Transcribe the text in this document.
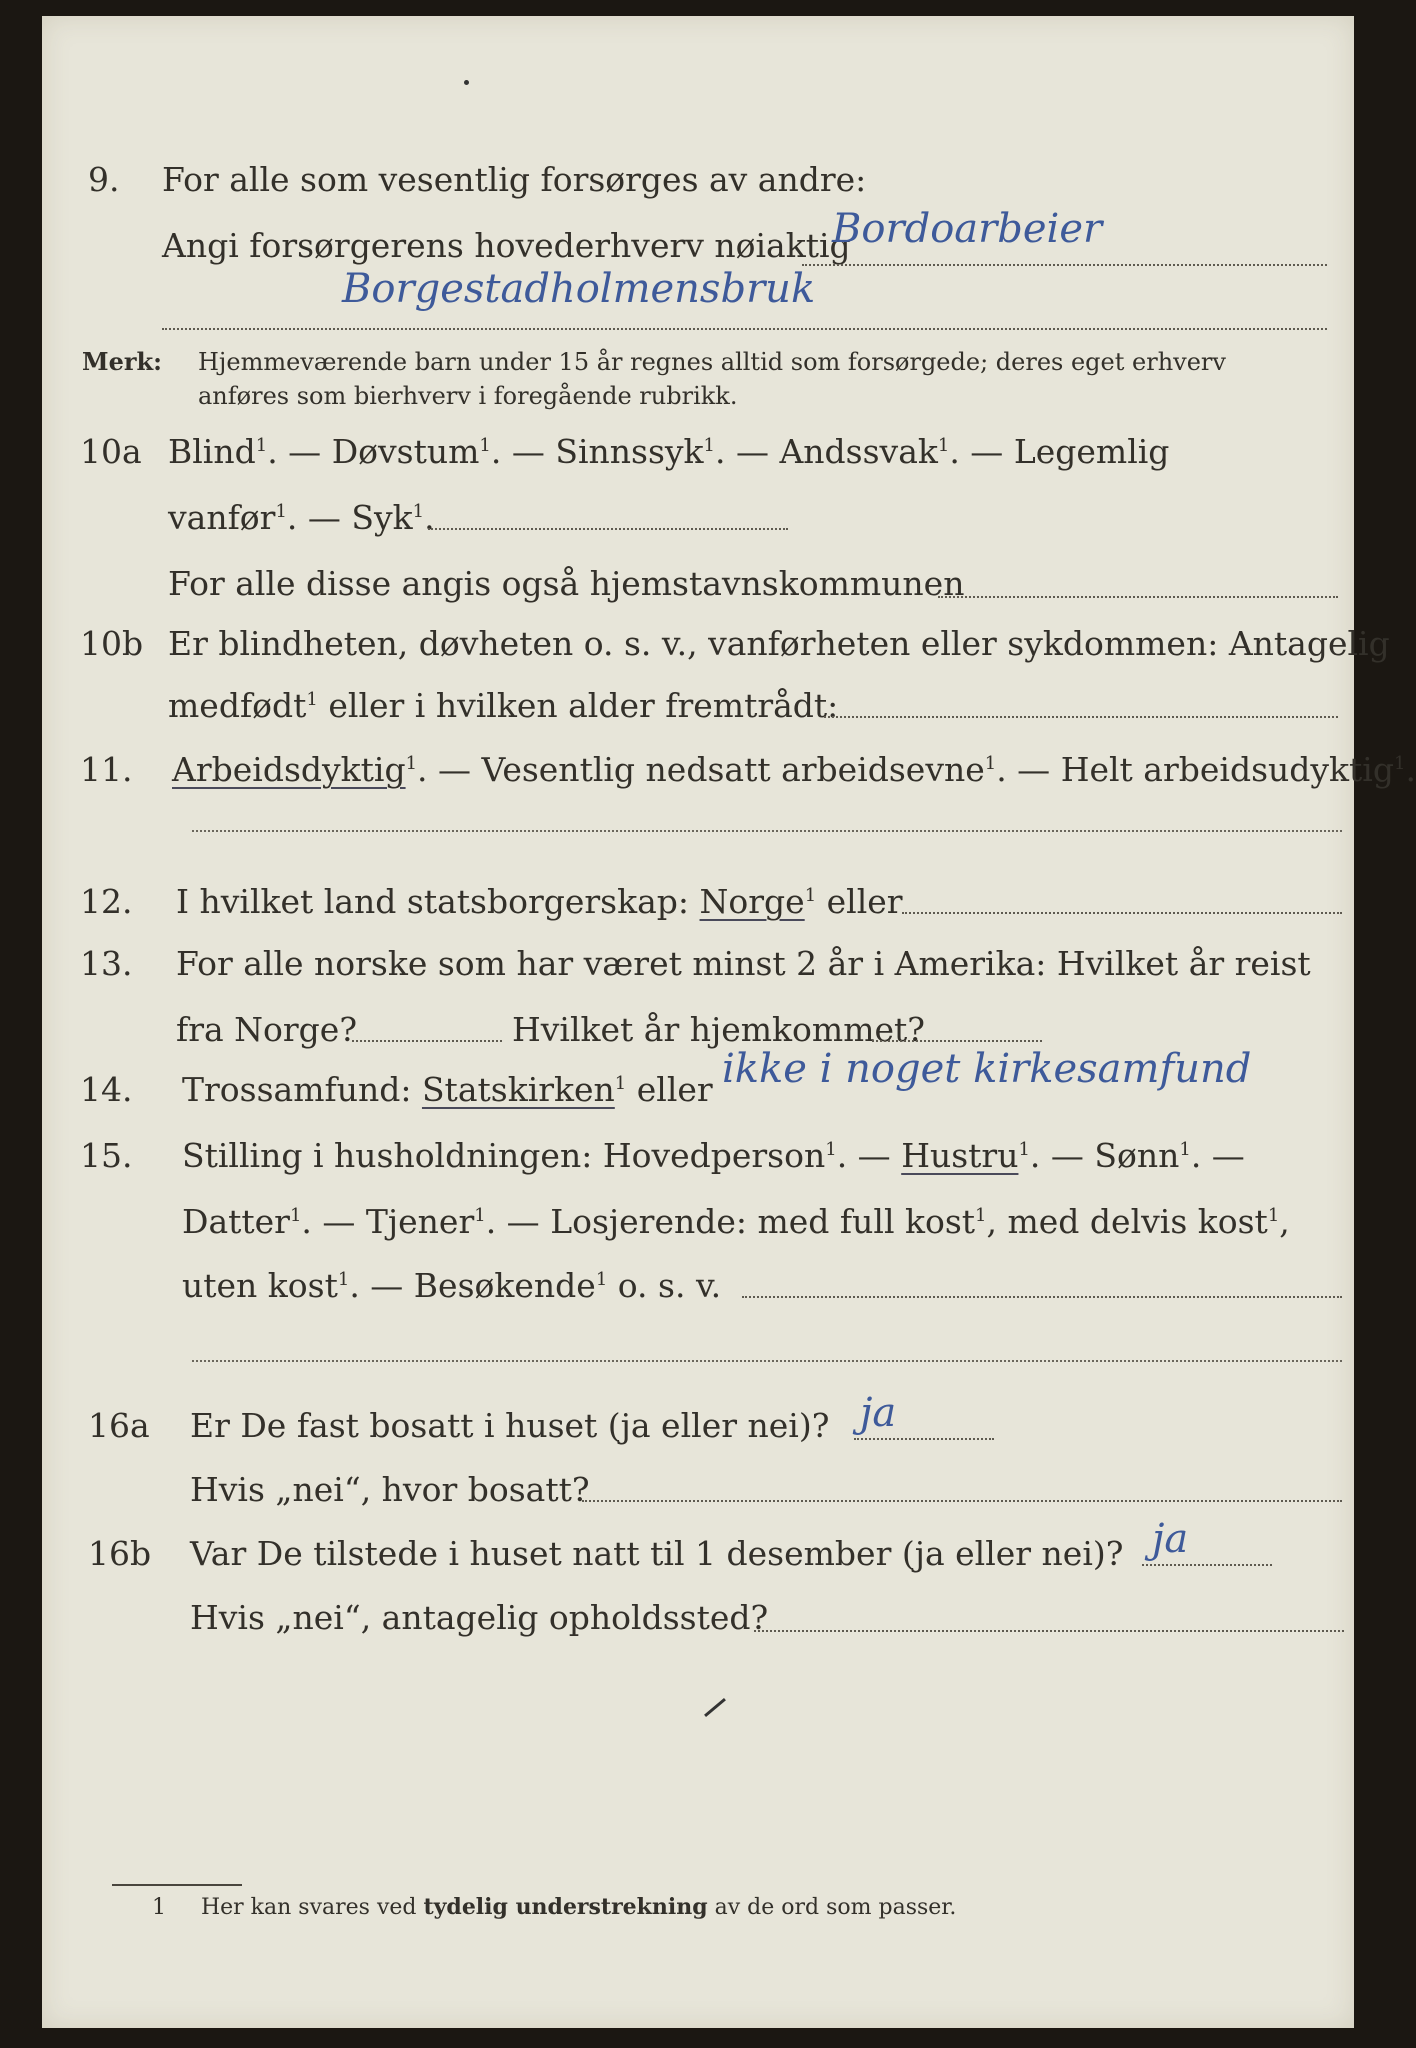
9. For alle som vesentlig forsørges av andre:
Angi forsørgerens hovederhverv nøiaktig
Bordoarbeier
Borgestadholmensbruk
Merk: Hjemmeværende barn under 15 år regnes alltid som forsørgede; deres eget erhverv
anføres som bierhverv i foregående rubrikk.
10a Blind$^1$. — Døvstum$^1$. — Sinnssyk$^1$. — Andssvak$^1$. — Legemlig
vanfør$^1$. — Syk$^1$.
For alle disse angis også hjemstavnskommunen
10b Er blindheten, døvheten o. s. v., vanførheten eller sykdommen: Antagelig
medfødt$^1$ eller i hvilken alder fremtrådt:
11. Arbeidsdyktig$^1$. — Vesentlig nedsatt arbeidsevne$^1$. — Helt arbeidsudyktig$^1$.
12. I hvilket land statsborgerskap: Norge$^1$ eller
13. For alle norske som har været minst 2 år i Amerika: Hvilket år reist
fra Norge?	Hvilket år hjemkommet?
14. Trossamfund: Statskirken$^1$ eller ikke i noget kirkesamfund
15. Stilling i husholdningen: Hovedperson$^1$. — Hustru$^1$. — Sønn$^1$. —
Datter$^1$. — Tjener$^1$. — Losjerende: med full kost$^1$, med delvis kost$^1$,
uten kost$^1$. — Besøkende$^1$ o. s. v.
16a Er De fast bosatt i huset (ja eller nei)? ja
Hvis „nei“, hvor bosatt?
16b Var De tilstede i huset natt til 1 desember (ja eller nei)? ja
Hvis „nei“, antagelig opholdssted?
1 Her kan svares ved tydelig understrekning av de ord som passer.
